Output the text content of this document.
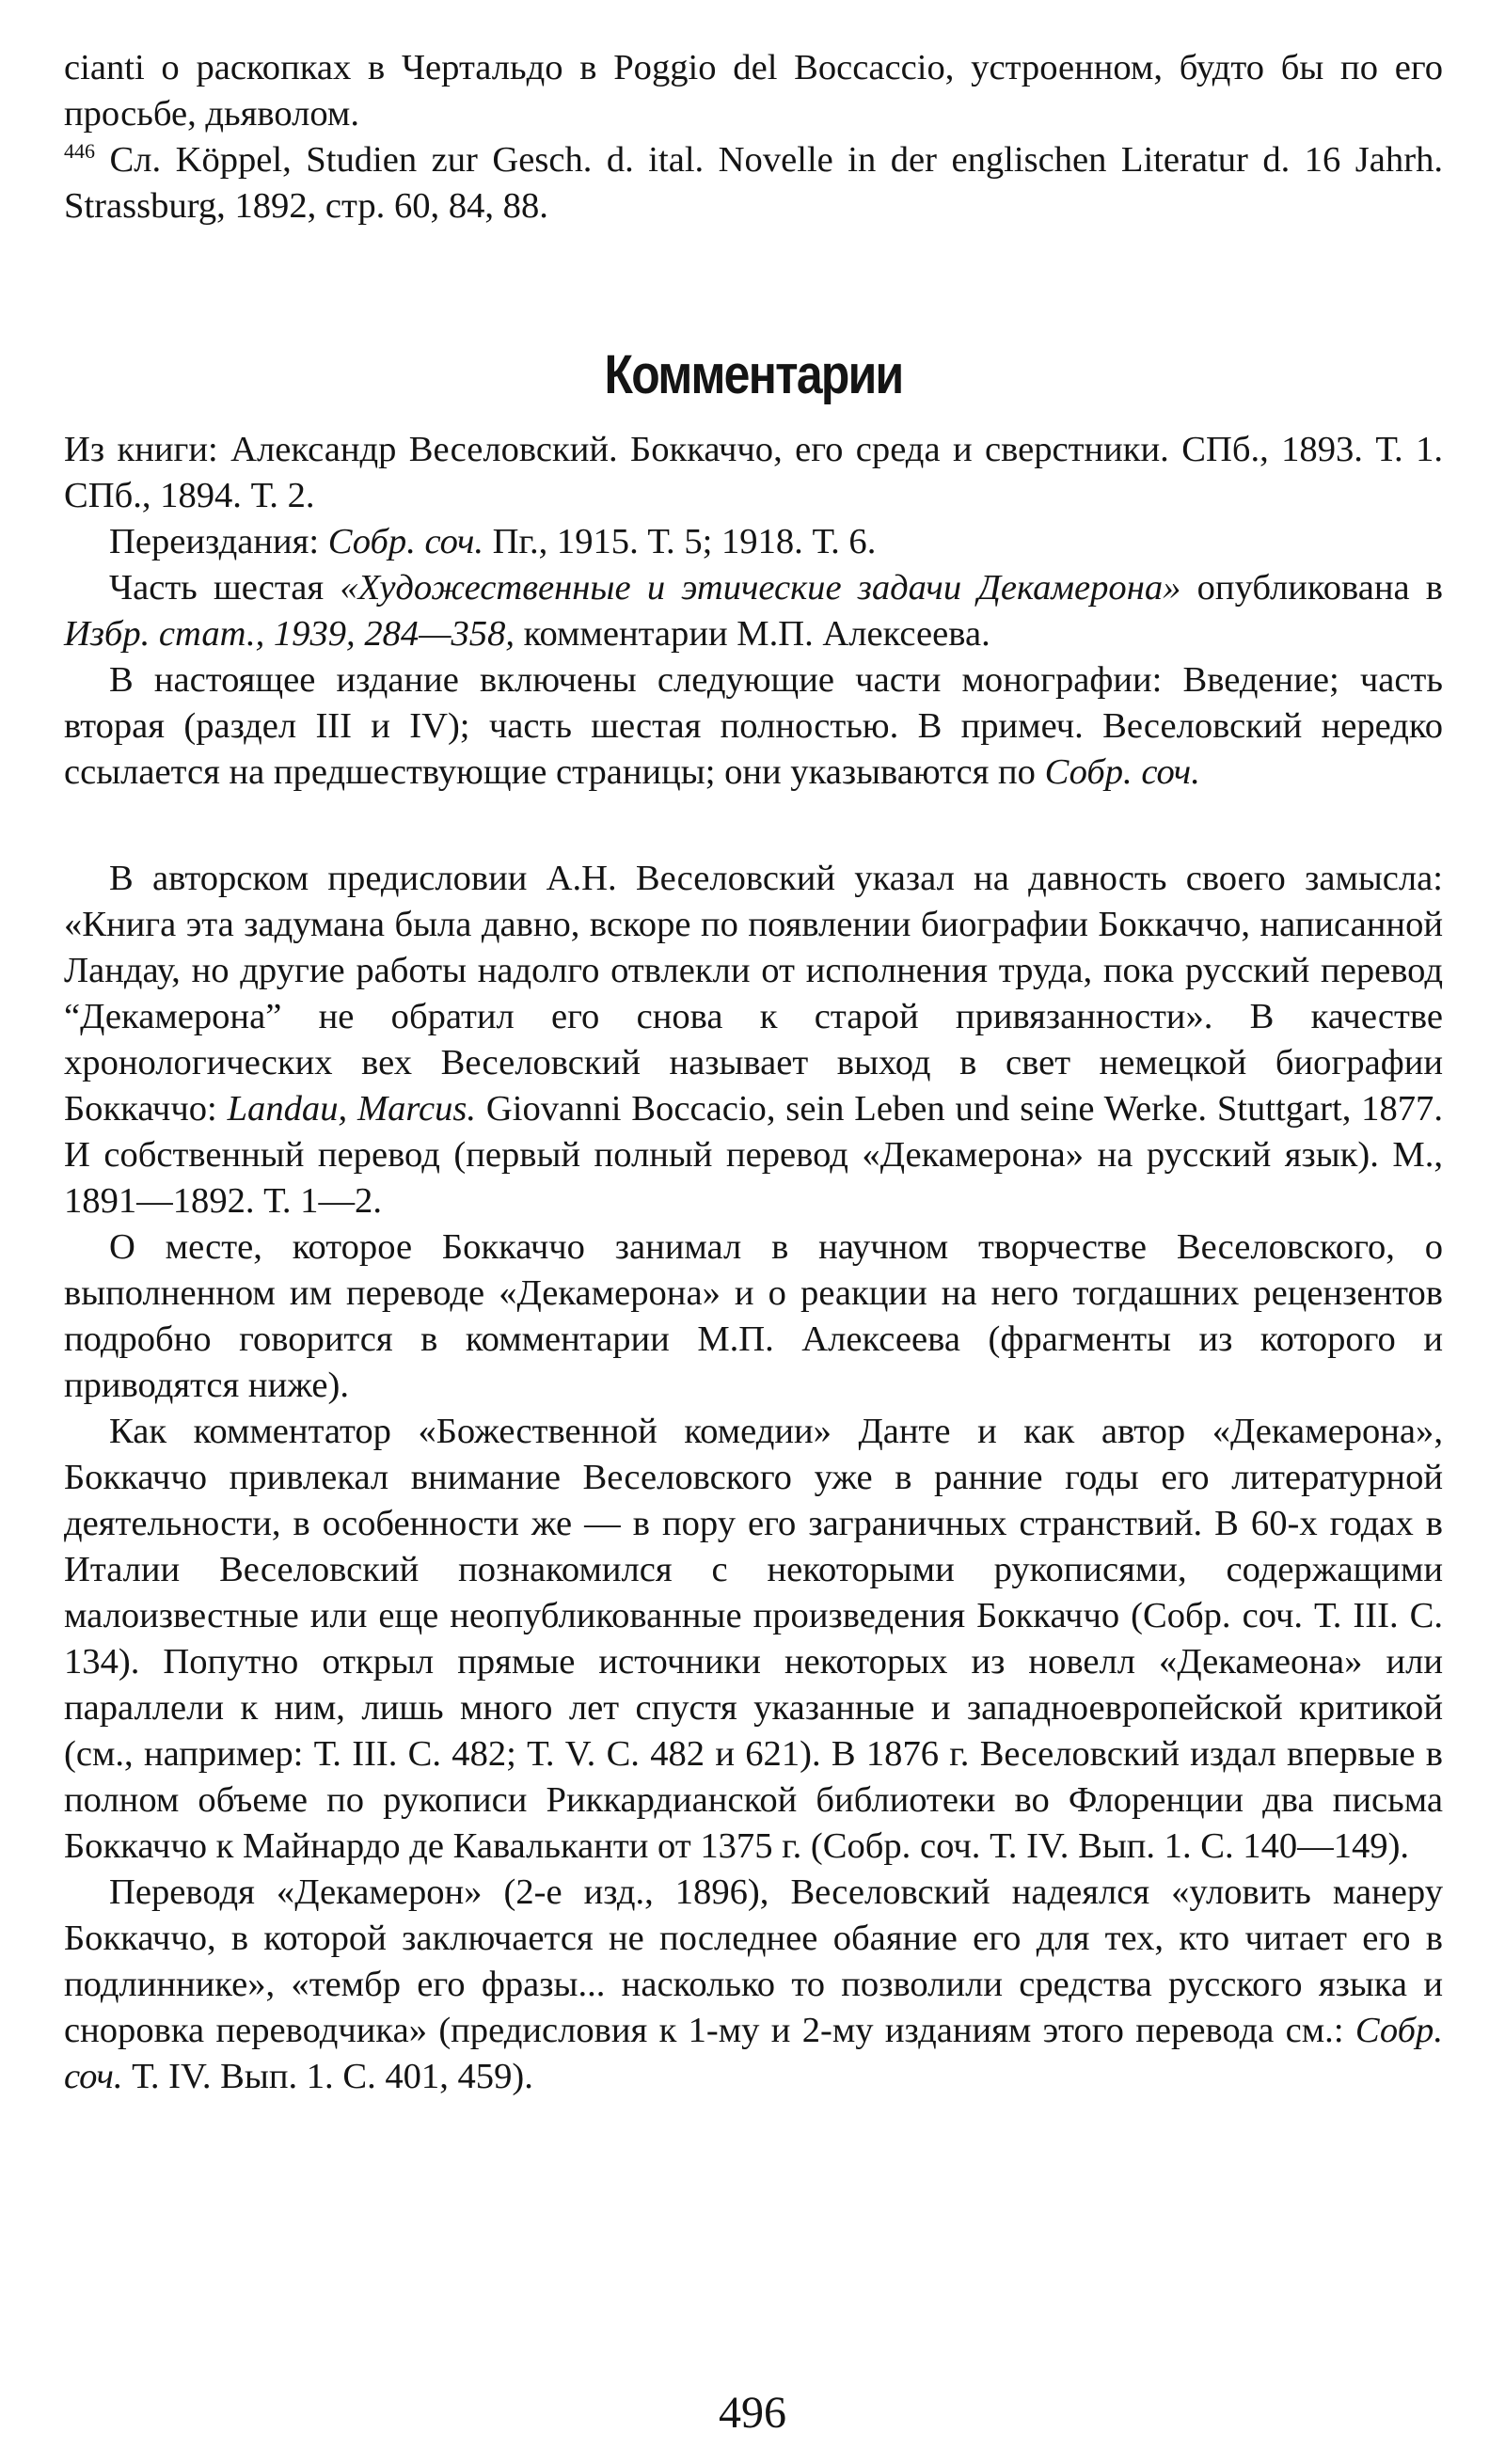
cianti о раскопках в Чертальдо в Poggio del Boccaccio, устроенном, будто бы по его просьбе, дьяволом.

$^{446}$ Сл. Köppel, Studien zur Gesch. d. ital. Novelle in der englischen Literatur d. 16 Jahrh. Strassburg, 1892, стр. 60, 84, 88.

Комментарии

Из книги: Александр Веселовский. Боккаччо, его среда и сверстники. СПб., 1893. Т. 1. СПб., 1894. Т. 2.

Переиздания: Собр. соч. Пг., 1915. Т. 5; 1918. Т. 6.

Часть шестая «Художественные и этические задачи Декамерона» опубликована в Избр. стат., 1939, 284—358, комментарии М.П. Алексеева.

В настоящее издание включены следующие части монографии: Введение; часть вторая (раздел III и IV); часть шестая полностью. В примеч. Веселовский нередко ссылается на предшествующие страницы; они указываются по Собр. соч.

В авторском предисловии А.Н. Веселовский указал на давность своего замысла: «Книга эта задумана была давно, вскоре по появлении биографии Боккаччо, написанной Ландау, но другие работы надолго отвлекли от исполнения труда, пока русский перевод “Декамерона” не обратил его снова к старой привязанности». В качестве хронологических вех Веселовский называет выход в свет немецкой биографии Боккаччо: Landau, Marcus. Giovanni Boccacio, sein Leben und seine Werke. Stuttgart, 1877. И собственный перевод (первый полный перевод «Декамерона» на русский язык). М., 1891—1892. Т. 1—2.

О месте, которое Боккаччо занимал в научном творчестве Веселовского, о выполненном им переводе «Декамерона» и о реакции на него тогдашних рецензентов подробно говорится в комментарии М.П. Алексеева (фрагменты из которого и приводятся ниже).

Как комментатор «Божественной комедии» Данте и как автор «Декамерона», Боккаччо привлекал внимание Веселовского уже в ранние годы его литературной деятельности, в особенности же — в пору его заграничных странствий. В 60-х годах в Италии Веселовский познакомился с некоторыми рукописями, содержащими малоизвестные или еще неопубликованные произведения Боккаччо (Собр. соч. Т. III. С. 134). Попутно открыл прямые источники некоторых из новелл «Декамеона» или параллели к ним, лишь много лет спустя указанные и западноевропейской критикой (см., например: Т. III. С. 482; Т. V. С. 482 и 621). В 1876 г. Веселовский издал впервые в полном объеме по рукописи Риккардианской библиотеки во Флоренции два письма Боккаччо к Майнардо де Кавальканти от 1375 г. (Собр. соч. Т. IV. Вып. 1. С. 140—149).

Переводя «Декамерон» (2-е изд., 1896), Веселовский надеялся «уловить манеру Боккаччо, в которой заключается не последнее обаяние его для тех, кто читает его в подлиннике», «тембр его фразы... насколько то позволили средства русского языка и сноровка переводчика» (предисловия к 1-му и 2-му изданиям этого перевода см.: Собр. соч. Т. IV. Вып. 1. С. 401, 459).

496
